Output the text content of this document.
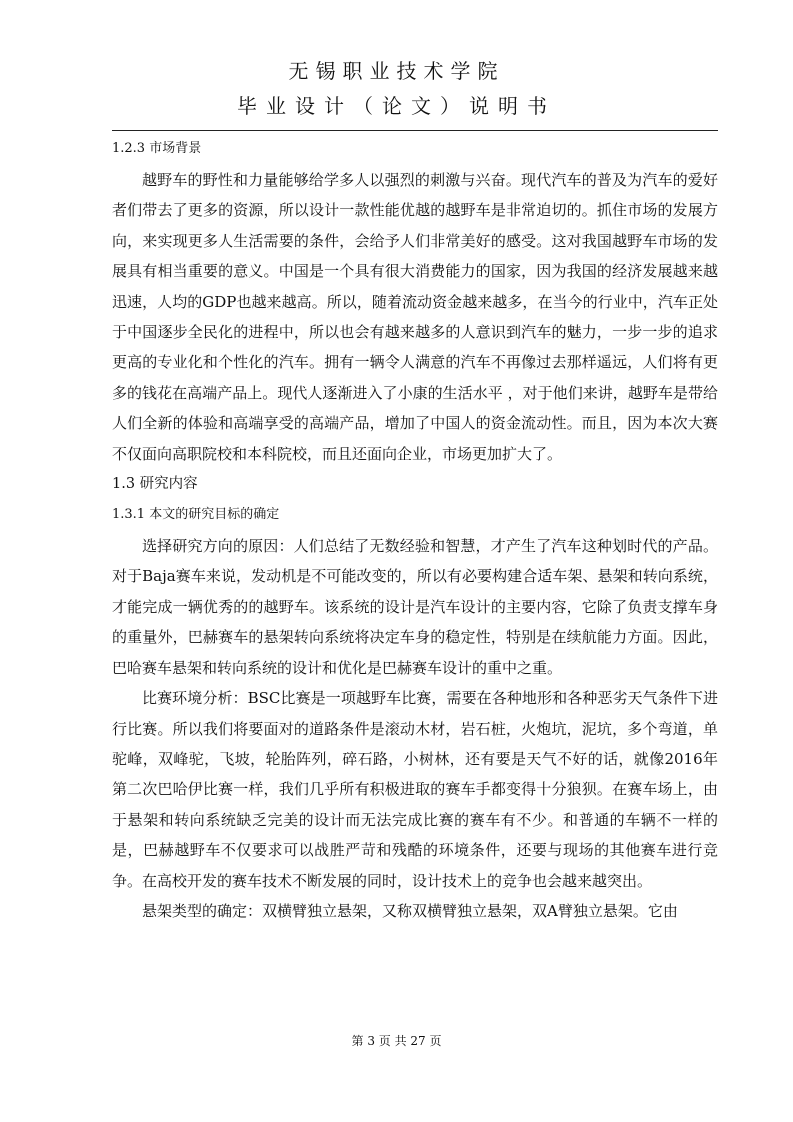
无锡职业技术学院
毕业设计（论文）说明书
1.2.3 市场背景

越野车的野性和力量能够给学多人以强烈的刺激与兴奋。现代汽车的普及为汽车的爱好者们带去了更多的资源，所以设计一款性能优越的越野车是非常迫切的。抓住市场的发展方向，来实现更多人生活需要的条件，会给予人们非常美好的感受。这对我国越野车市场的发展具有相当重要的意义。中国是一个具有很大消费能力的国家，因为我国的经济发展越来越迅速，人均的GDP也越来越高。所以，随着流动资金越来越多，在当今的行业中，汽车正处于中国逐步全民化的进程中，所以也会有越来越多的人意识到汽车的魅力，一步一步的追求更高的专业化和个性化的汽车。拥有一辆令人满意的汽车不再像过去那样遥远，人们将有更多的钱花在高端产品上。现代人逐渐进入了小康的生活水平 ，对于他们来讲，越野车是带给人们全新的体验和高端享受的高端产品，增加了中国人的资金流动性。而且，因为本次大赛不仅面向高职院校和本科院校，而且还面向企业，市场更加扩大了。

1.3 研究内容
1.3.1 本文的研究目标的确定

选择研究方向的原因：人们总结了无数经验和智慧，才产生了汽车这种划时代的产品。对于Baja赛车来说，发动机是不可能改变的，所以有必要构建合适车架、悬架和转向系统，才能完成一辆优秀的的越野车。该系统的设计是汽车设计的主要内容，它除了负责支撑车身的重量外，巴赫赛车的悬架转向系统将决定车身的稳定性，特别是在续航能力方面。因此，巴哈赛车悬架和转向系统的设计和优化是巴赫赛车设计的重中之重。

比赛环境分析：BSC比赛是一项越野车比赛，需要在各种地形和各种恶劣天气条件下进行比赛。所以我们将要面对的道路条件是滚动木材，岩石桩，火炮坑，泥坑，多个弯道，单驼峰，双峰驼，飞坡，轮胎阵列，碎石路，小树林，还有要是天气不好的话，就像2016年第二次巴哈伊比赛一样，我们几乎所有积极进取的赛车手都变得十分狼狈。在赛车场上，由于悬架和转向系统缺乏完美的设计而无法完成比赛的赛车有不少。和普通的车辆不一样的是，巴赫越野车不仅要求可以战胜严苛和残酷的环境条件，还要与现场的其他赛车进行竞争。在高校开发的赛车技术不断发展的同时，设计技术上的竞争也会越来越突出。

悬架类型的确定：双横臂独立悬架，又称双横臂独立悬架，双A臂独立悬架。它由

第 3 页 共 27 页
